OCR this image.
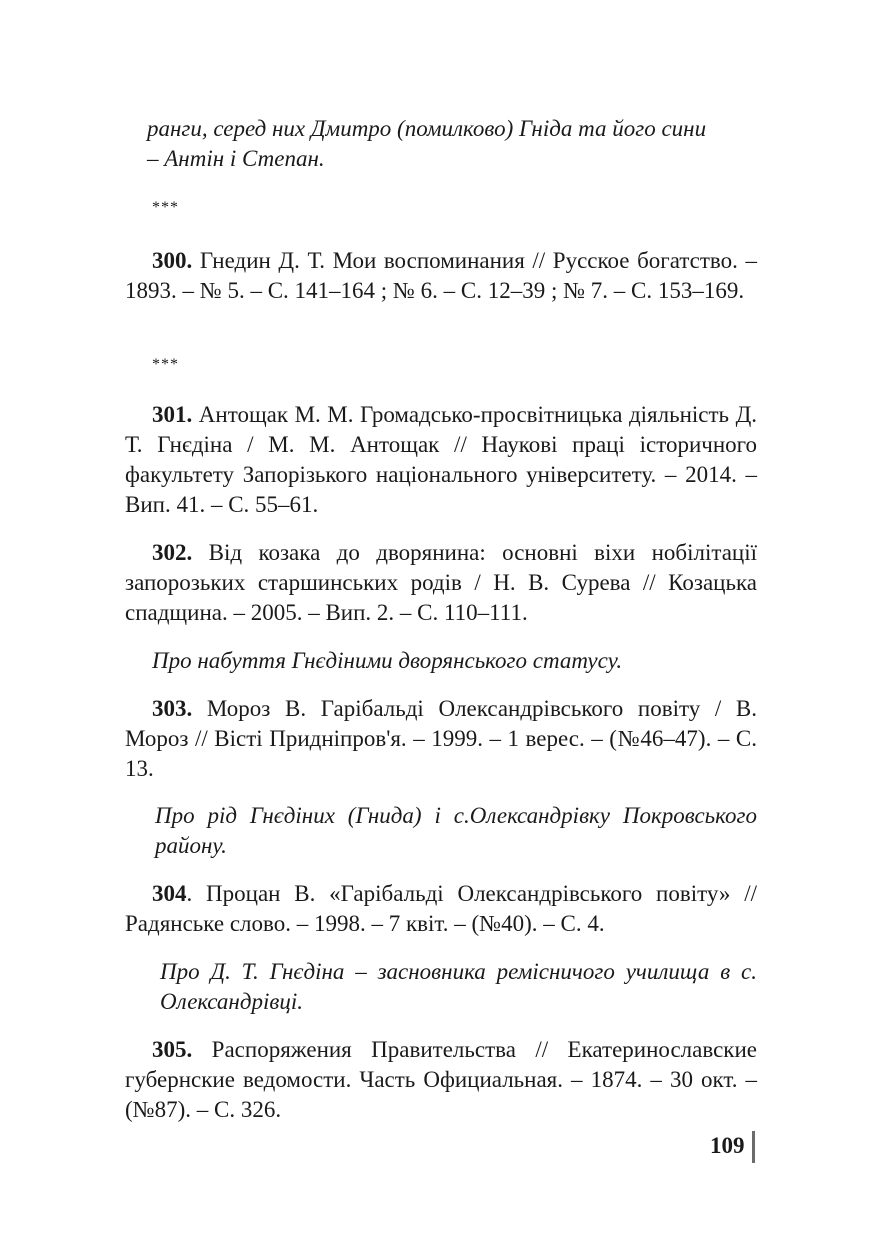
ранги, серед них Дмитро (помилково) Гніда та його сини
– Антін і Степан.

***

300. Гнедин Д. Т. Мои воспоминания // Русское богатство. – 1893. – № 5. – С. 141–164 ; № 6. – С. 12–39 ; № 7. – С. 153–169.

***

301. Антощак М. М. Громадсько-просвітницька діяльність Д. Т. Гнєдіна / М. М. Антощак // Наукові праці історичного факультету Запорізького національного університету. – 2014. – Вип. 41. – С. 55–61.

302. Від козака до дворянина: основні віхи нобілітації запорозьких старшинських родів / Н. В. Сурева // Козацька спадщина. – 2005. – Вип. 2. – С. 110–111.

Про набуття Гнєдіними дворянського статусу.

303. Мороз В. Гарібальді Олександрівського повіту / В. Мороз // Вісті Придніпров'я. – 1999. – 1 верес. – (№46–47). – С. 13.

Про рід Гнєдіних (Гнида) і с.Олександрівку Покровського району.

304. Процан В. «Гарібальді Олександрівського повіту» // Радянське слово. – 1998. – 7 квіт. – (№40). – С. 4.

Про Д. Т. Гнєдіна – засновника ремісничого училища в с. Олександрівці.

305. Распоряжения Правительства // Екатеринославские губернские ведомости. Часть Официальная. – 1874. – 30 окт. – (№87). – С. 326.

109
